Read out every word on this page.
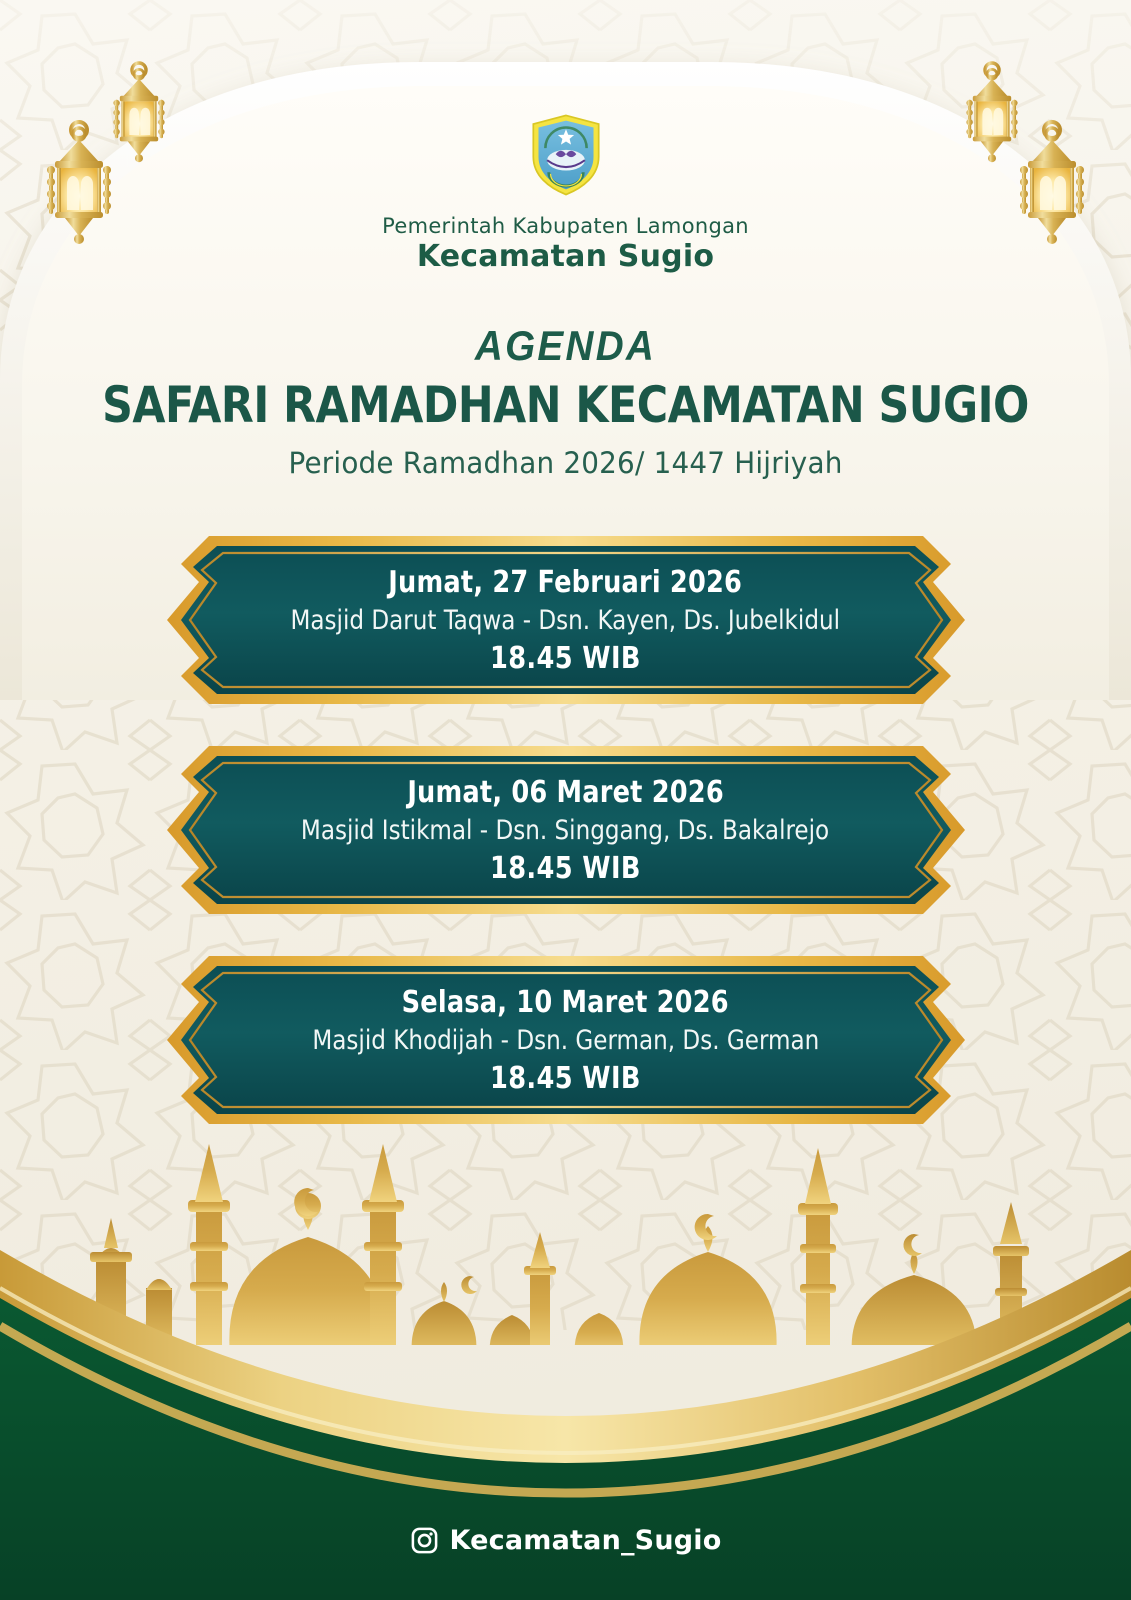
Pemerintah Kabupaten Lamongan
Kecamatan Sugio
AGENDA
SAFARI RAMADHAN KECAMATAN SUGIO
Periode Ramadhan 2026/ 1447 Hijriyah
Jumat, 27 Februari 2026
Masjid Darut Taqwa - Dsn. Kayen, Ds. Jubelkidul
18.45 WIB
Jumat, 06 Maret 2026
Masjid Istikmal - Dsn. Singgang, Ds. Bakalrejo
18.45 WIB
Selasa, 10 Maret 2026
Masjid Khodijah - Dsn. German, Ds. German
18.45 WIB
Kecamatan_Sugio
